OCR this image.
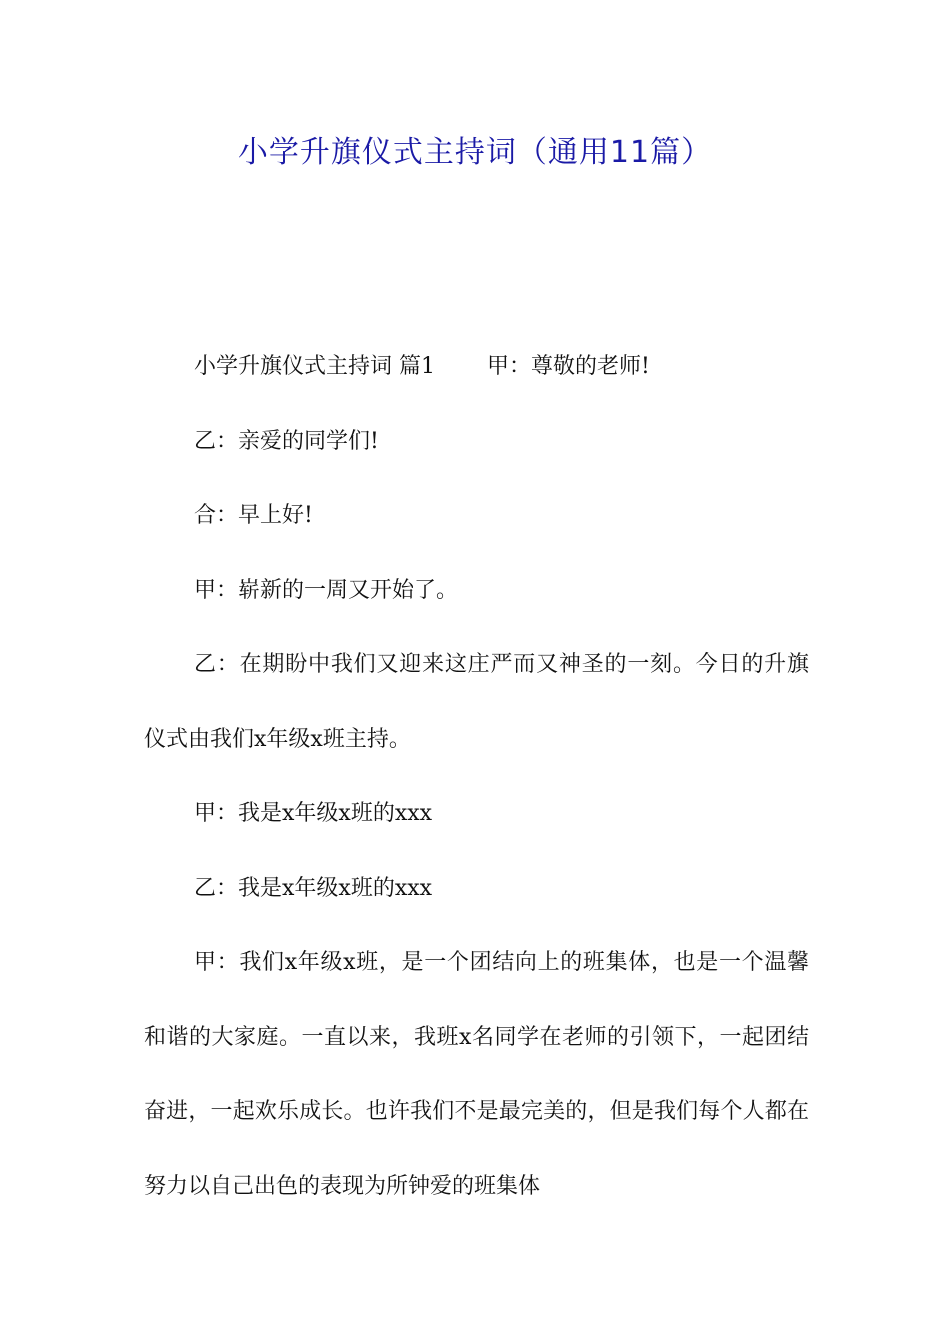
小学升旗仪式主持词（通用11篇）

小学升旗仪式主持词 篇1 甲：尊敬的老师!

乙：亲爱的同学们!

合：早上好!

甲：崭新的一周又开始了。

乙：在期盼中我们又迎来这庄严而又神圣的一刻。今日的升旗仪式由我们x年级x班主持。

甲：我是x年级x班的xxx

乙：我是x年级x班的xxx

甲：我们x年级x班，是一个团结向上的班集体，也是一个温馨和谐的大家庭。一直以来，我班x名同学在老师的引领下，一起团结奋进，一起欢乐成长。也许我们不是最完美的，但是我们每个人都在努力以自己出色的表现为所钟爱的班集体
